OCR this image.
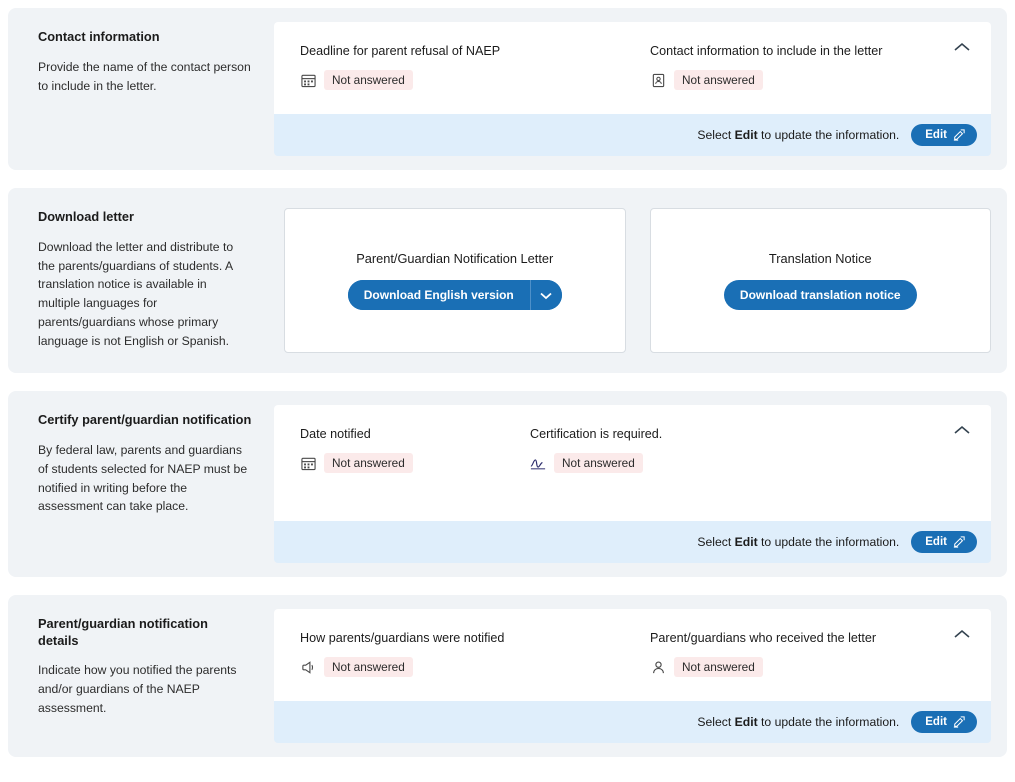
Contact information

Provide the name of the contact person to include in the letter.

Deadline for parent refusal of NAEP
Not answered
Contact information to include in the letter
Not answered
Select Edit to update the information. Edit
Download letter

Download the letter and distribute to the parents/guardians of students. A translation notice is available in multiple languages for parents/guardians whose primary language is not English or Spanish.

Parent/Guardian Notification Letter
Download English version
Translation Notice
Download translation notice
Certify parent/guardian notification

By federal law, parents and guardians of students selected for NAEP must be notified in writing before the assessment can take place.

Date notified
Not answered
Certification is required.
Not answered
Select Edit to update the information. Edit
Parent/guardian notification details

Indicate how you notified the parents and/or guardians of the NAEP assessment.

How parents/guardians were notified
Not answered
Parent/guardians who received the letter
Not answered
Select Edit to update the information. Edit
